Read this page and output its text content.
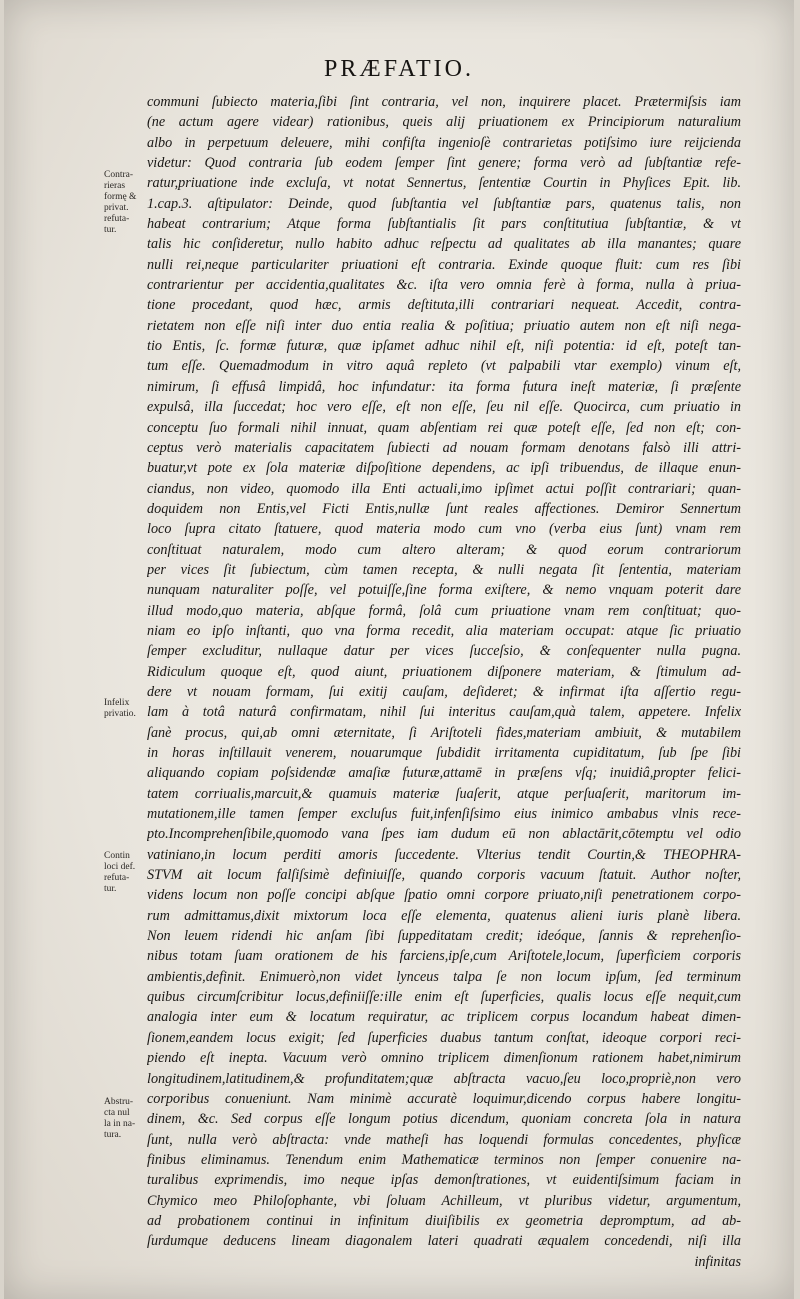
PRÆFATIO.
Contra-
rieras
formę &
privat.
refuta-
tur.
Infelix
privatio.
Contin
loci def.
refuta-
tur.
Abstru-
cta nul
la in na-
tura.
communi ſubiecto materia,ſibi ſint contraria, vel non, inquirere placet. Prætermiſsis iam
(ne actum agere videar) rationibus, queis alij priuationem ex Principiorum naturalium
albo in perpetuum deleuere, mihi confiſta ingenioſè contrarietas potiſsimo iure reijcienda
videtur: Quod contraria ſub eodem ſemper ſint genere; forma verò ad ſubſtantiæ refe-
ratur,priuatione inde excluſa, vt notat Sennertus, ſententiæ Courtin in Phyſices Epit. lib.
1.cap.3. aſtipulator: Deinde, quod ſubſtantia vel ſubſtantiæ pars, quatenus talis, non
habeat contrarium; Atque forma ſubſtantialis ſit pars conſtitutiua ſubſtantiæ, & vt
talis hic conſideretur, nullo habito adhuc reſpectu ad qualitates ab illa manantes; quare
nulli rei,neque particulariter priuationi eſt contraria. Exinde quoque fluit: cum res ſibi
contrarientur per accidentia,qualitates &c. iſta vero omnia ferè à forma, nulla à priua-
tione procedant, quod hæc, armis deſtituta,illi contrariari nequeat. Accedit, contra-
rietatem non eſſe niſi inter duo entia realia & poſitiua; priuatio autem non eſt niſi nega-
tio Entis, ſc. formæ futuræ, quæ ipſamet adhuc nihil eſt, niſi potentia: id eſt, poteſt tan-
tum eſſe. Quemadmodum in vitro aquâ repleto (vt palpabili vtar exemplo) vinum eſt,
nimirum, ſi effusâ limpidâ, hoc infundatur: ita forma futura ineſt materiæ, ſi præſente
expulsâ, illa ſuccedat; hoc vero eſſe, eſt non eſſe, ſeu nil eſſe. Quocirca, cum priuatio in
conceptu ſuo formali nihil innuat, quam abſentiam rei quæ poteſt eſſe, ſed non eſt; con-
ceptus verò materialis capacitatem ſubiecti ad nouam formam denotans falsò illi attri-
buatur,vt pote ex ſola materiæ diſpoſitione dependens, ac ipſi tribuendus, de illaque enun-
ciandus, non video, quomodo illa Enti actuali,imo ipſimet actui poſſit contrariari; quan-
doquidem non Entis,vel Ficti Entis,nullæ ſunt reales affectiones. Demiror Sennertum
loco ſupra citato ſtatuere, quod materia modo cum vno (verba eius ſunt) vnam rem
conſtituat naturalem, modo cum altero alteram; & quod eorum contrariorum
per vices ſit ſubiectum, cùm tamen recepta, & nulli negata ſit ſententia, materiam
nunquam naturaliter poſſe, vel potuiſſe,ſine forma exiſtere, & nemo vnquam poterit dare
illud modo,quo materia, abſque formâ, ſolâ cum priuatione vnam rem conſtituat; quo-
niam eo ipſo inſtanti, quo vna forma recedit, alia materiam occupat: atque ſic priuatio
ſemper excluditur, nullaque datur per vices ſucceſsio, & conſequenter nulla pugna.
Ridiculum quoque eſt, quod aiunt, priuationem diſponere materiam, & ſtimulum ad-
dere vt nouam formam, ſui exitij cauſam, deſideret; & infirmat iſta aſſertio regu-
lam à totâ naturâ confirmatam, nihil ſui interitus cauſam,quà talem, appetere. Infelix
ſanè procus, qui,ab omni æternitate, ſi Ariſtoteli fides,materiam ambiuit, & mutabilem
in horas inſtillauit venerem, nouarumque ſubdidit irritamenta cupiditatum, ſub ſpe ſibi
aliquando copiam poſsidendæ amaſiæ futuræ,attamē in præſens vſq; inuidiâ,propter felici-
tatem corriualis,marcuit,& quamuis materiæ ſuaſerit, atque perſuaſerit, maritorum im-
mutationem,ille tamen ſemper excluſus fuit,infenſiſsimo eius inimico ambabus vlnis rece-
pto.Incomprehenſibile,quomodo vana ſpes iam dudum eū non ablactārit,cōtemptu vel odio
vatiniano,in locum perditi amoris ſuccedente. Vlterius tendit Courtin,& THEOPHRA-
STVM ait locum falſiſsimè definiuiſſe, quando corporis vacuum ſtatuit. Author noſter,
videns locum non poſſe concipi abſque ſpatio omni corpore priuato,niſi penetrationem corpo-
rum admittamus,dixit mixtorum loca eſſe elementa, quatenus alieni iuris planè libera.
Non leuem ridendi hic anſam ſibi ſuppeditatam credit; ideóque, ſannis & reprehenſio-
nibus totam ſuam orationem de his farciens,ipſe,cum Ariſtotele,locum, ſuperficiem corporis
ambientis,definit. Enimuerò,non videt lynceus talpa ſe non locum ipſum, ſed terminum
quibus circumſcribitur locus,definiiſſe:ille enim eſt ſuperficies, qualis locus eſſe nequit,cum
analogia inter eum & locatum requiratur, ac triplicem corpus locandum habeat dimen-
ſionem,eandem locus exigit; ſed ſuperficies duabus tantum conſtat, ideoque corpori reci-
piendo eſt inepta. Vacuum verò omnino triplicem dimenſionum rationem habet,nimirum
longitudinem,latitudinem,& profunditatem;quæ abſtracta vacuo,ſeu loco,propriè,non vero
corporibus conueniunt. Nam minimè accuratè loquimur,dicendo corpus habere longitu-
dinem, &c. Sed corpus eſſe longum potius dicendum, quoniam concreta ſola in natura
ſunt, nulla verò abſtracta: vnde matheſi has loquendi formulas concedentes, phyſicæ
finibus eliminamus. Tenendum enim Mathematicæ terminos non ſemper conuenire na-
turalibus exprimendis, imo neque ipſas demonſtrationes, vt euidentiſsimum faciam in
Chymico meo Philoſophante, vbi ſoluam Achilleum, vt pluribus videtur, argumentum,
ad probationem continui in infinitum diuiſibilis ex geometria depromptum, ad ab-
ſurdumque deducens lineam diagonalem lateri quadrati æqualem concedendi, niſi illa
infinitas
